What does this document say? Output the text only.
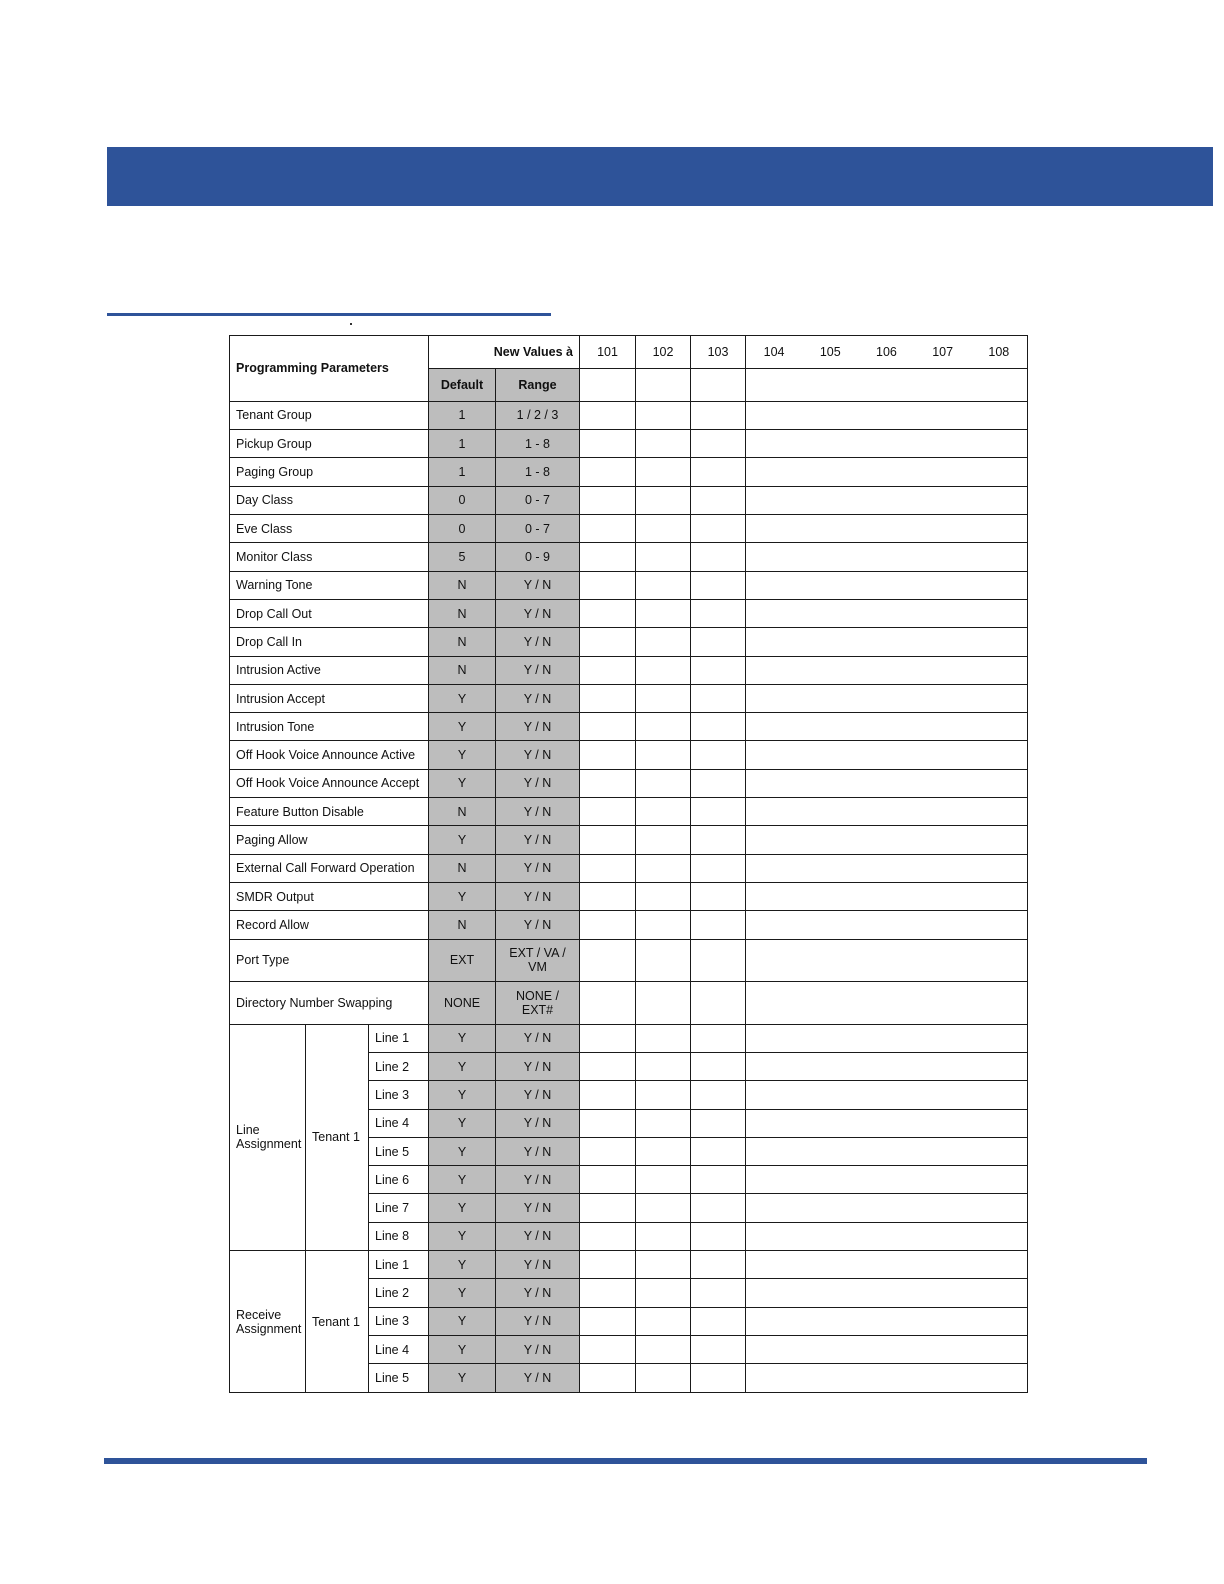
Programming Parameters			New Values à		101	102	103	104 105 106 107 108

			Default	Range				
Tenant Group			1	1 / 2 / 3				
Pickup Group			1	1 - 8				
Paging Group			1	1 - 8				
Day Class			0	0 - 7				
Eve Class			0	0 - 7				
Monitor Class			5	0 - 9				
Warning Tone			N	Y / N				
Drop Call Out			N	Y / N				
Drop Call In			N	Y / N				
Intrusion Active			N	Y / N				
Intrusion Accept			Y	Y / N				
Intrusion Tone			Y	Y / N				
Off Hook Voice Announce Active			Y	Y / N				
Off Hook Voice Announce Accept			Y	Y / N				
Feature Button Disable			N	Y / N				
Paging Allow			Y	Y / N				
External Call Forward Operation			N	Y / N				
SMDR Output			Y	Y / N				
Record Allow			N	Y / N				
Port Type			EXT	EXT / VA / VM				
Directory Number Swapping			NONE	NONE / EXT#				
Line Assignment	Tenant 1	Line 1	Y	Y / N				
		Line 2	Y	Y / N				
		Line 3	Y	Y / N				
		Line 4	Y	Y / N				
		Line 5	Y	Y / N				
		Line 6	Y	Y / N				
		Line 7	Y	Y / N				
		Line 8	Y	Y / N				
Receive Assignment	Tenant 1	Line 1	Y	Y / N				
		Line 2	Y	Y / N				
		Line 3	Y	Y / N				
		Line 4	Y	Y / N				
		Line 5	Y	Y / N				
